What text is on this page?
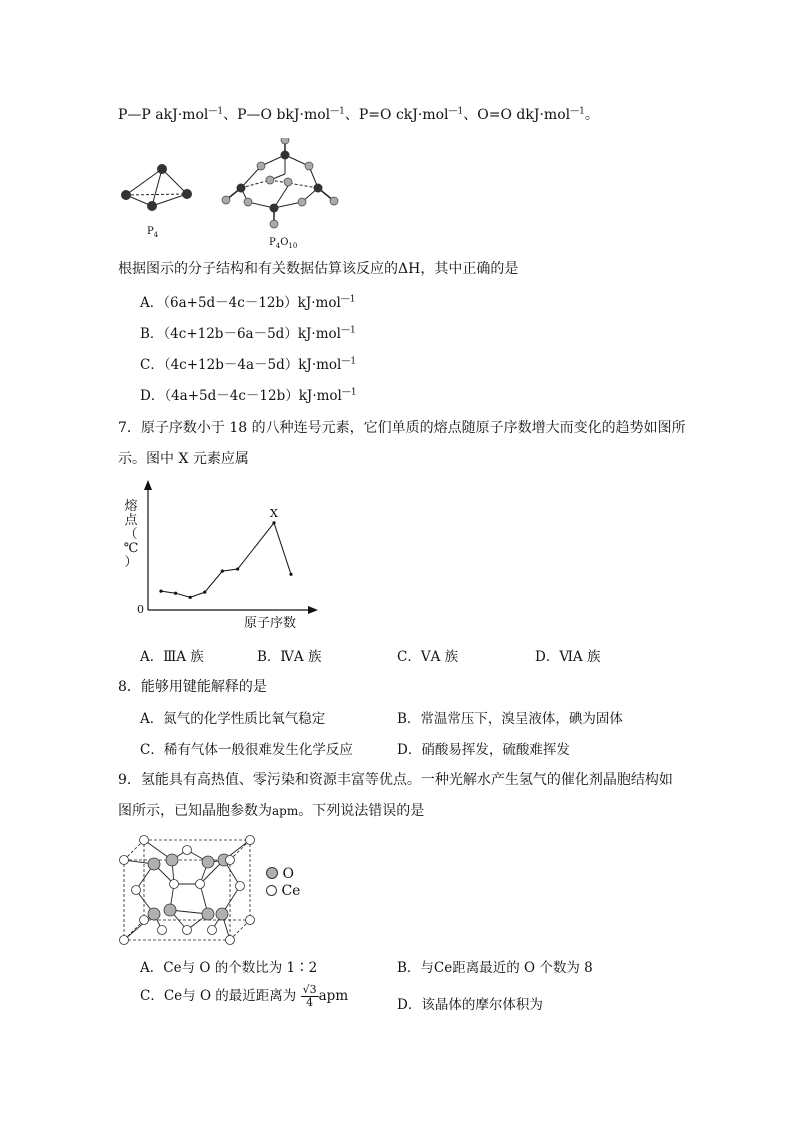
P—P akJ·mol$^{—1}$、P—O bkJ·mol$^{—1}$、P=O ckJ·mol$^{—1}$、O=O dkJ·mol$^{—1}$。
$P_4$
$P_4O_{10}$
根据图示的分子结构和有关数据估算该反应的ΔH，其中正确的是
A．（6a+5d－4c－12b）kJ·mol$^{—1}$
B．（4c+12b－6a－5d）kJ·mol$^{—1}$
C．（4c+12b－4a－5d）kJ·mol$^{—1}$
D．（4a+5d－4c－12b）kJ·mol$^{—1}$
7．原子序数小于 18 的八种连号元素，它们单质的熔点随原子序数增大而变化的趋势如图所
示。图中 X 元素应属
X
熔
点
（
℃
）
0
原子序数
A．ⅢA 族	B．ⅣA 族	C．ⅤA 族	D．ⅥA 族
8．能够用键能解释的是
A．氮气的化学性质比氧气稳定	B．常温常压下，溴呈液体，碘为固体
C．稀有气体一般很难发生化学反应	D．硝酸易挥发，硫酸难挥发
9．氢能具有高热值、零污染和资源丰富等优点。一种光解水产生氢气的催化剂晶胞结构如
图所示，已知晶胞参数为apm。下列说法错误的是
O
Ce
A．Ce与 O 的个数比为 1∶2	B．与Ce距离最近的 O 个数为 8
C．Ce与 O 的最近距离为 $\frac{√3}{4}$ apm
D．该晶体的摩尔体积为
